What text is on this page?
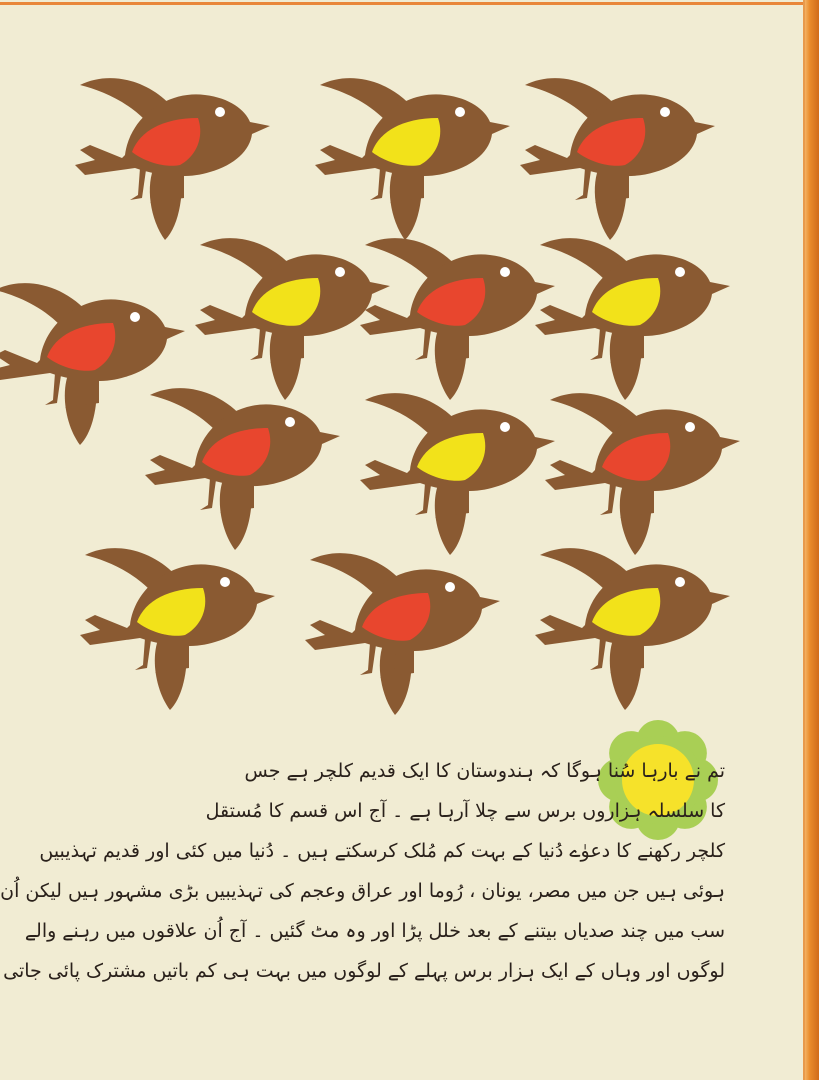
تم نے بارہا سُنا ہوگا کہ ہندوستان کا ایک قدیم کلچر ہے جس
کا سلسلہ ہزاروں برس سے چلا آرہا ہے ۔ آج اس قسم کا مُستقل
کلچر رکھنے کا دعوٰے دُنیا کے بہت کم مُلک کرسکتے ہیں ۔ دُنیا میں کئی اور قدیم تہذیبیں
ہوئی ہیں جن میں مصر، یونان ، رُوما اور عراق وعجم کی تہذیبیں بڑی مشہور ہیں لیکن اُن
سب میں چند صدیاں بیتنے کے بعد خلل پڑا اور وہ مٹ گئیں ۔ آج اُن علاقوں میں رہنے والے
لوگوں اور وہاں کے ایک ہزار برس پہلے کے لوگوں میں بہت ہی کم باتیں مشترک پائی جاتی
